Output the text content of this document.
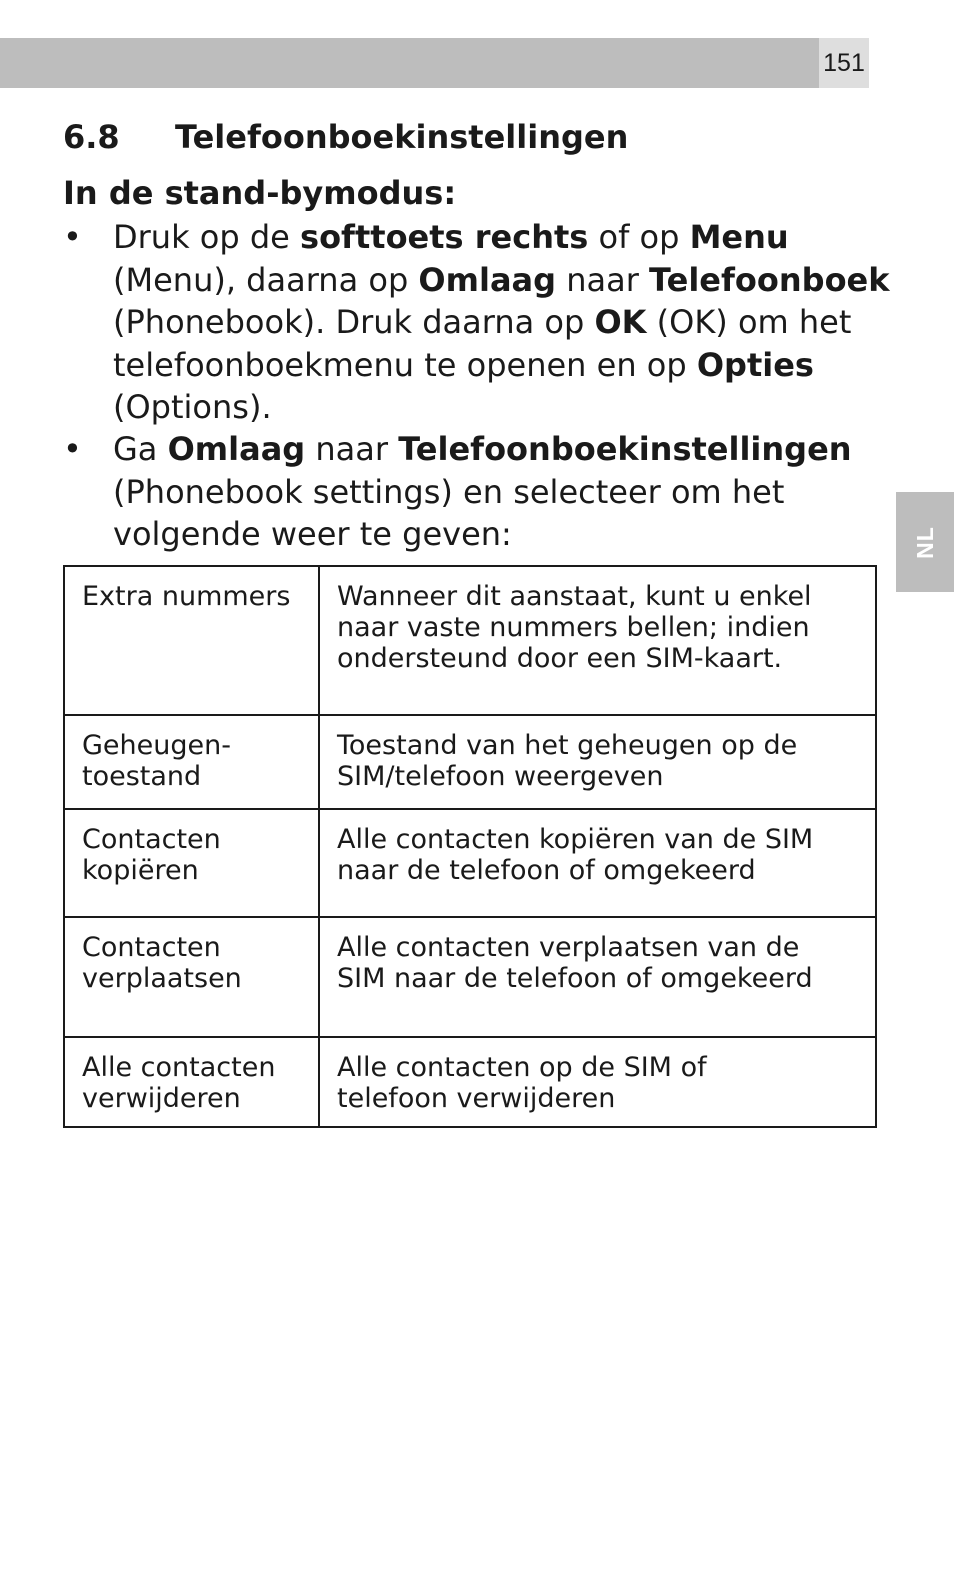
151
NL
6.8 Telefoonboekinstellingen
In de stand-bymodus:
• Druk op de softtoets rechts of op Menu
(Menu), daarna op Omlaag naar Telefoonboek
(Phonebook). Druk daarna op OK (OK) om het
telefoonboekmenu te openen en op Opties
(Options).
• Ga Omlaag naar Telefoonboekinstellingen
(Phonebook settings) en selecteer om het
volgende weer te geven:
Extra nummers	Wanneer dit aanstaat, kunt u enkel
naar vaste nummers bellen; indien
ondersteund door een SIM-kaart.
Geheugen-
toestand	Toestand van het geheugen op de
SIM/telefoon weergeven
Contacten
kopiëren	Alle contacten kopiëren van de SIM
naar de telefoon of omgekeerd
Contacten
verplaatsen	Alle contacten verplaatsen van de
SIM naar de telefoon of omgekeerd
Alle contacten
verwijderen	Alle contacten op de SIM of
telefoon verwijderen
